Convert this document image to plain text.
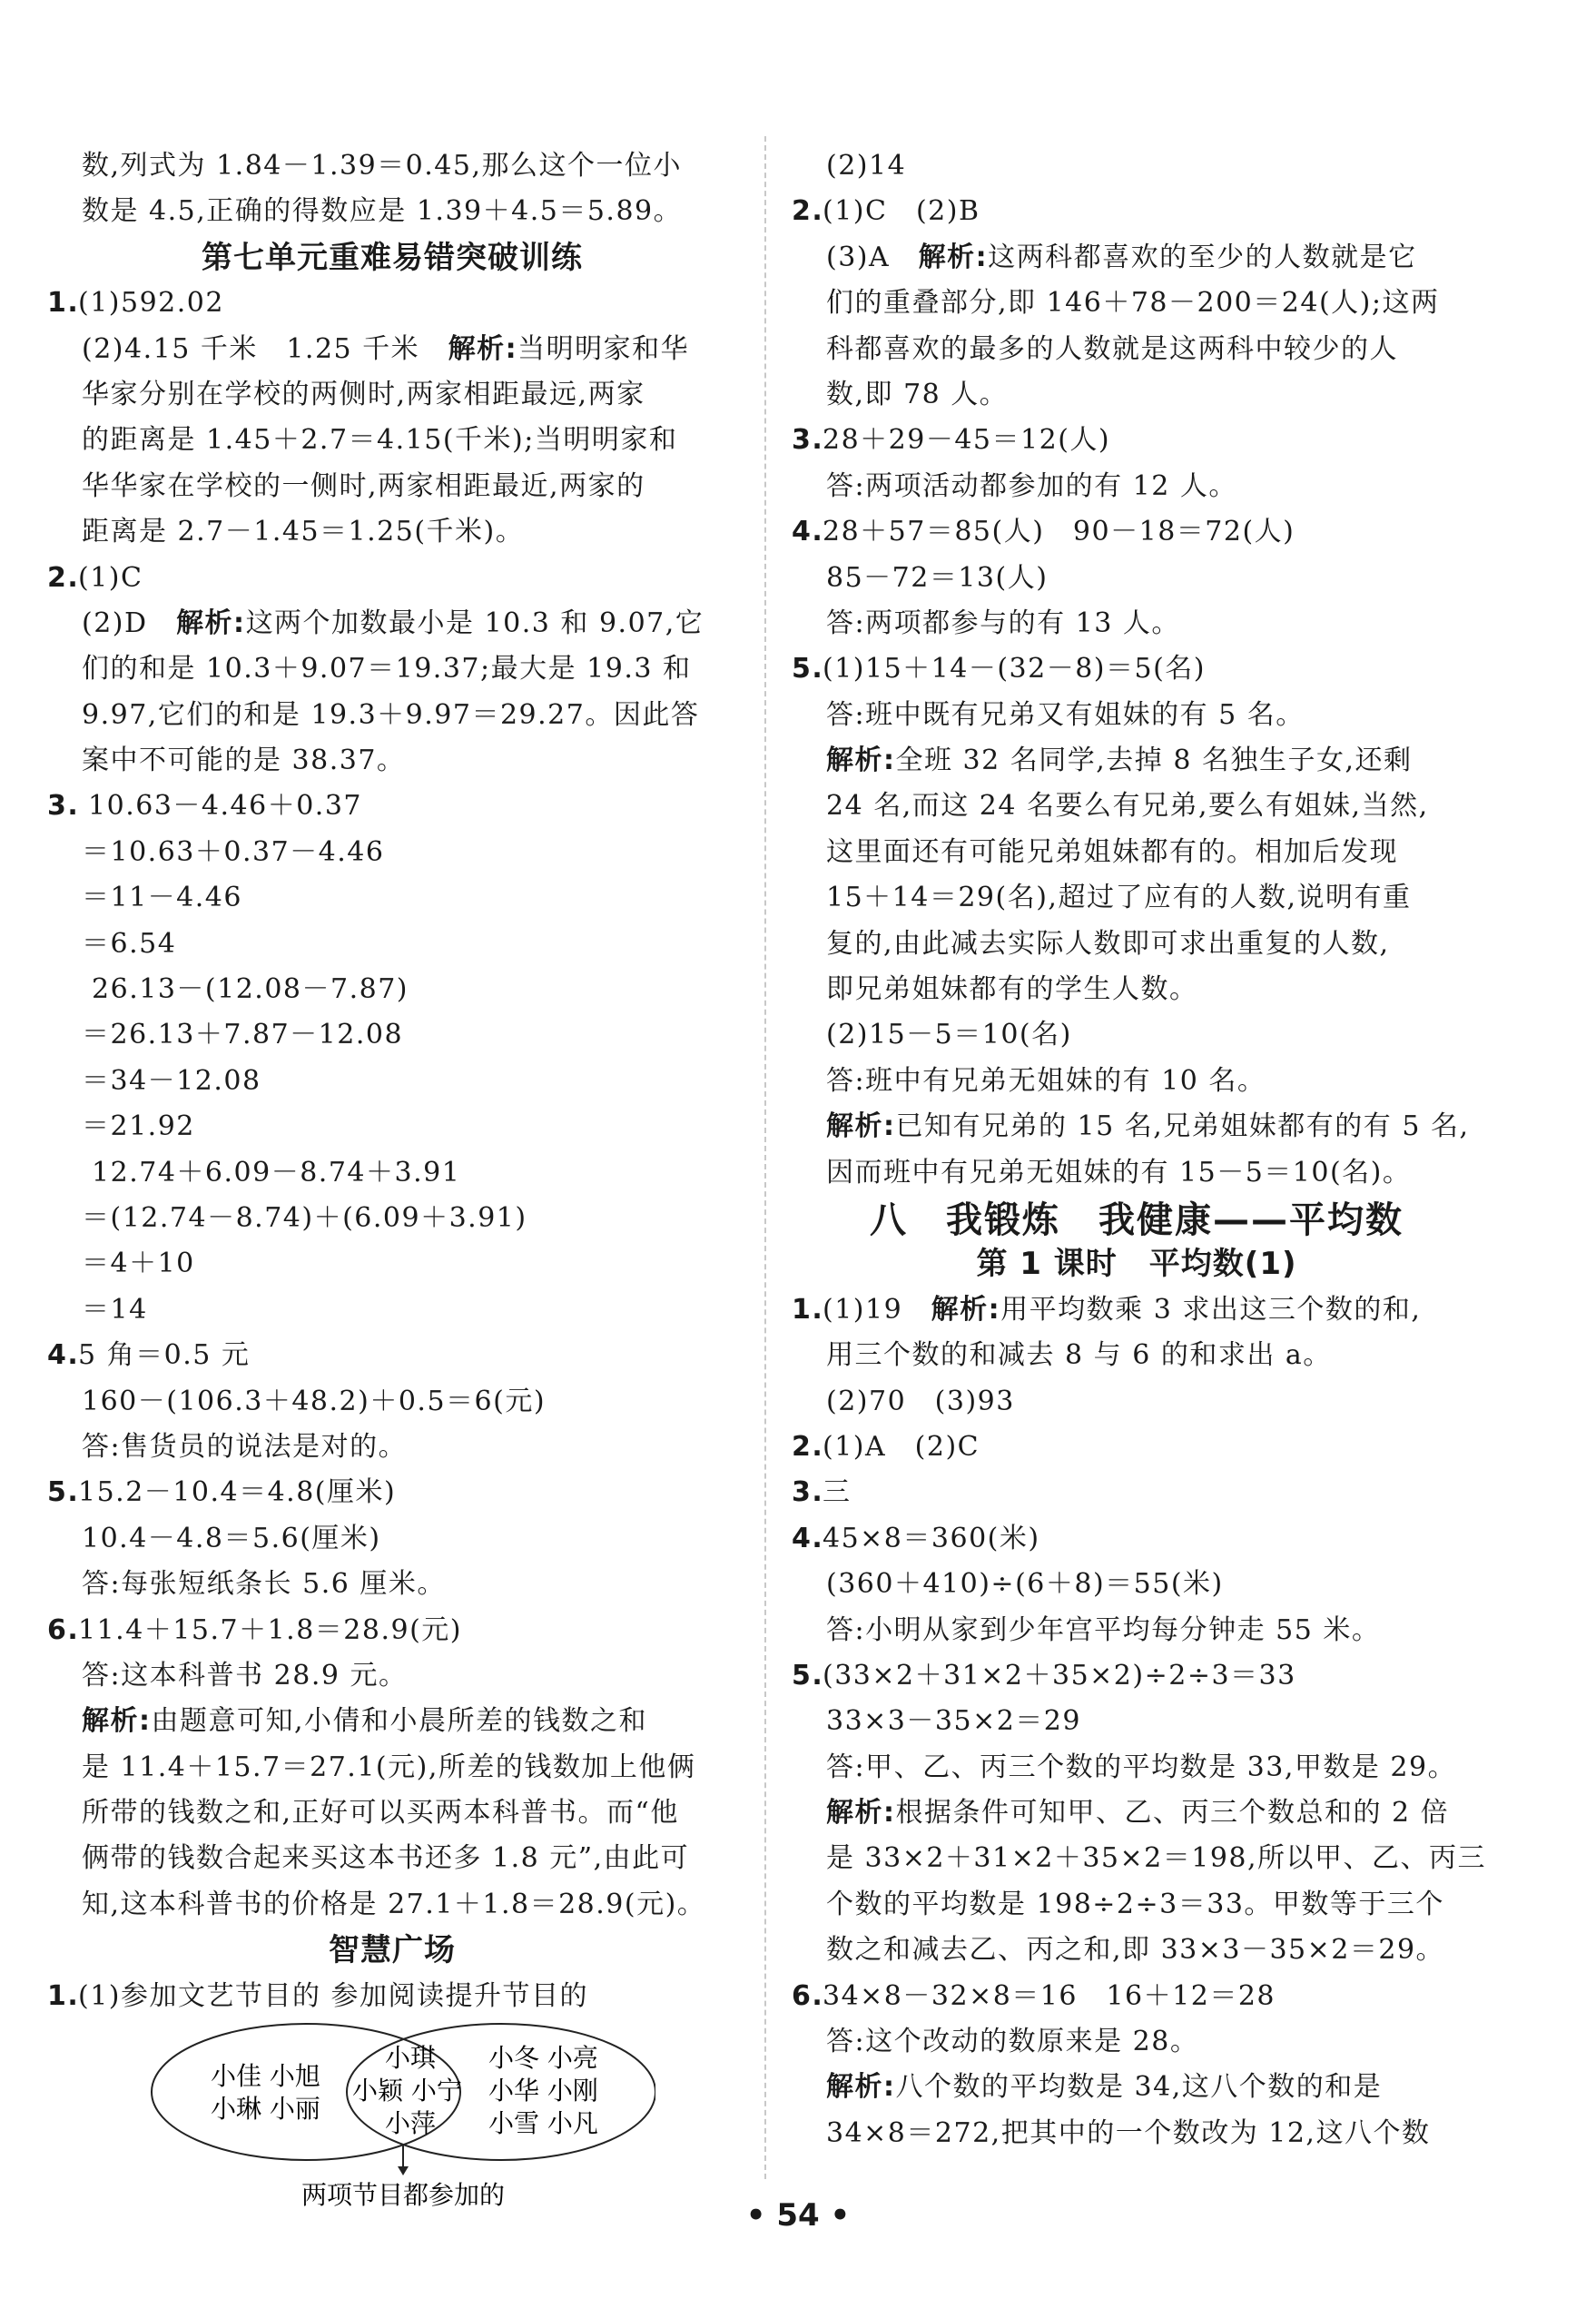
数,列式为 1.84－1.39＝0.45,那么这个一位小
数是 4.5,正确的得数应是 1.39＋4.5＝5.89。
第七单元重难易错突破训练
1.(1)592.02
(2)4.15 千米　1.25 千米　解析:当明明家和华
华家分别在学校的两侧时,两家相距最远,两家
的距离是 1.45＋2.7＝4.15(千米);当明明家和
华华家在学校的一侧时,两家相距最近,两家的
距离是 2.7－1.45＝1.25(千米)。
2.(1)C
(2)D　解析:这两个加数最小是 10.3 和 9.07,它
们的和是 10.3＋9.07＝19.37;最大是 19.3 和
9.97,它们的和是 19.3＋9.97＝29.27。因此答
案中不可能的是 38.37。
3. 10.63－4.46＋0.37
＝10.63＋0.37－4.46
＝11－4.46
＝6.54
26.13－(12.08－7.87)
＝26.13＋7.87－12.08
＝34－12.08
＝21.92
12.74＋6.09－8.74＋3.91
＝(12.74－8.74)＋(6.09＋3.91)
＝4＋10
＝14
4.5 角＝0.5 元
160－(106.3＋48.2)＋0.5＝6(元)
答:售货员的说法是对的。
5.15.2－10.4＝4.8(厘米)
10.4－4.8＝5.6(厘米)
答:每张短纸条长 5.6 厘米。
6.11.4＋15.7＋1.8＝28.9(元)
答:这本科普书 28.9 元。
解析:由题意可知,小倩和小晨所差的钱数之和
是 11.4＋15.7＝27.1(元),所差的钱数加上他俩
所带的钱数之和,正好可以买两本科普书。而“他
俩带的钱数合起来买这本书还多 1.8 元”,由此可
知,这本科普书的价格是 27.1＋1.8＝28.9(元)。
智慧广场
1.(1)参加文艺节目的 参加阅读提升节目的
小佳 小旭
小琳 小丽
小琪
小颖 小宁
小萍
小冬 小亮
小华 小刚
小雪 小凡
两项节目都参加的
(2)14
2.(1)C　(2)B
(3)A　解析:这两科都喜欢的至少的人数就是它
们的重叠部分,即 146＋78－200＝24(人);这两
科都喜欢的最多的人数就是这两科中较少的人
数,即 78 人。
3.28＋29－45＝12(人)
答:两项活动都参加的有 12 人。
4.28＋57＝85(人)　90－18＝72(人)
85－72＝13(人)
答:两项都参与的有 13 人。
5.(1)15＋14－(32－8)＝5(名)
答:班中既有兄弟又有姐妹的有 5 名。
解析:全班 32 名同学,去掉 8 名独生子女,还剩
24 名,而这 24 名要么有兄弟,要么有姐妹,当然,
这里面还有可能兄弟姐妹都有的。相加后发现
15＋14＝29(名),超过了应有的人数,说明有重
复的,由此减去实际人数即可求出重复的人数,
即兄弟姐妹都有的学生人数。
(2)15－5＝10(名)
答:班中有兄弟无姐妹的有 10 名。
解析:已知有兄弟的 15 名,兄弟姐妹都有的有 5 名,
因而班中有兄弟无姐妹的有 15－5＝10(名)。
八　我锻炼　我健康——平均数
第 1 课时　平均数(1)
1.(1)19　解析:用平均数乘 3 求出这三个数的和,
用三个数的和减去 8 与 6 的和求出 a。
(2)70　(3)93
2.(1)A　(2)C
3.三
4.45×8＝360(米)
(360＋410)÷(6＋8)＝55(米)
答:小明从家到少年宫平均每分钟走 55 米。
5.(33×2＋31×2＋35×2)÷2÷3＝33
33×3－35×2＝29
答:甲、乙、丙三个数的平均数是 33,甲数是 29。
解析:根据条件可知甲、乙、丙三个数总和的 2 倍
是 33×2＋31×2＋35×2＝198,所以甲、乙、丙三
个数的平均数是 198÷2÷3＝33。甲数等于三个
数之和减去乙、丙之和,即 33×3－35×2＝29。
6.34×8－32×8＝16　16＋12＝28
答:这个改动的数原来是 28。
解析:八个数的平均数是 34,这八个数的和是
34×8＝272,把其中的一个数改为 12,这八个数
• 54 •
